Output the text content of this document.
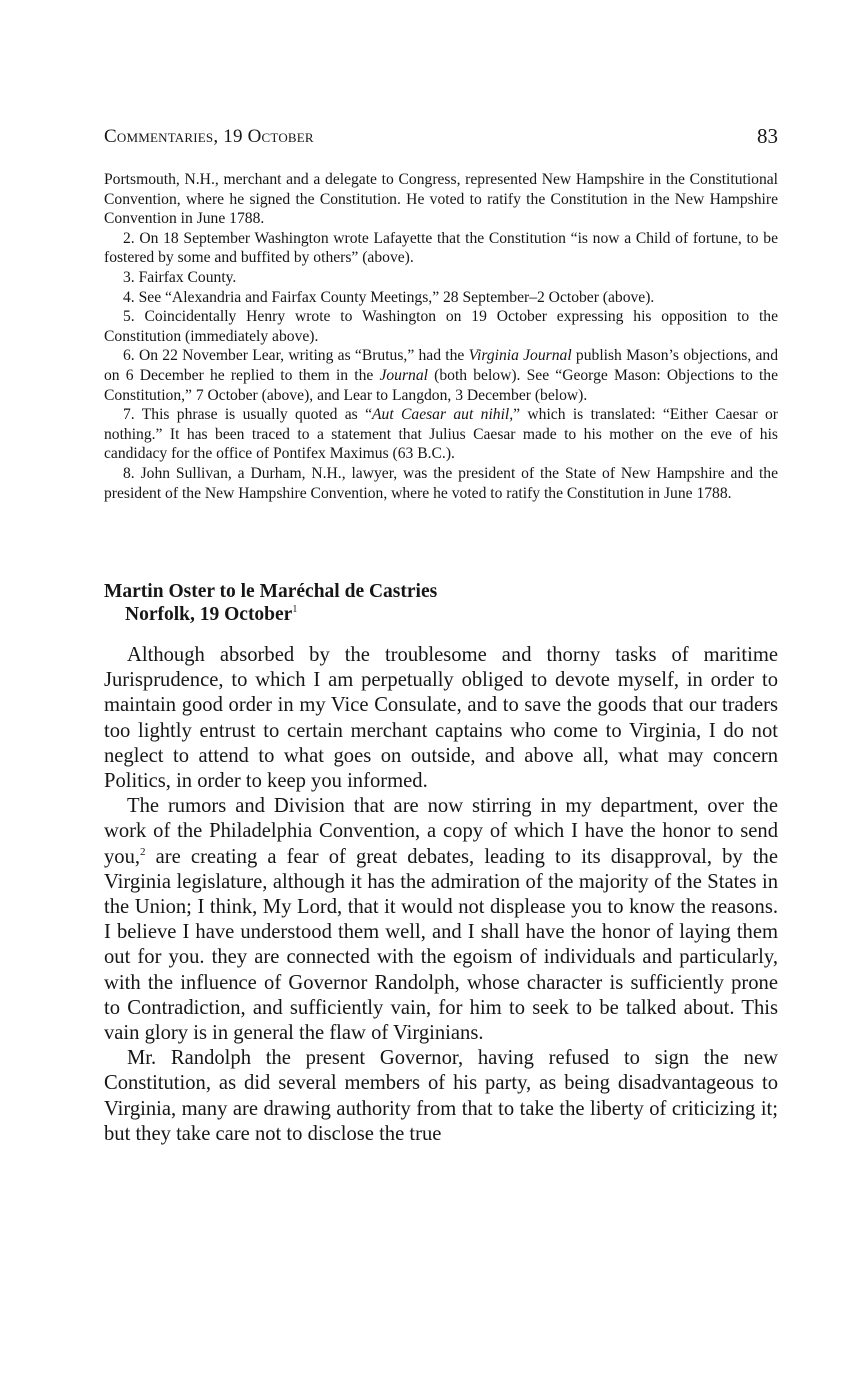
Commentaries, 19 October	83

Portsmouth, N.H., merchant and a delegate to Congress, represented New Hampshire in the Constitutional Convention, where he signed the Constitution. He voted to ratify the Constitution in the New Hampshire Convention in June 1788.

2. On 18 September Washington wrote Lafayette that the Constitution “is now a Child of fortune, to be fostered by some and buffited by others” (above).

3. Fairfax County.

4. See “Alexandria and Fairfax County Meetings,” 28 September–2 October (above).

5. Coincidentally Henry wrote to Washington on 19 October expressing his opposition to the Constitution (immediately above).

6. On 22 November Lear, writing as “Brutus,” had the Virginia Journal publish Mason’s objections, and on 6 December he replied to them in the Journal (both below). See “George Mason: Objections to the Constitution,” 7 October (above), and Lear to Langdon, 3 December (below).

7. This phrase is usually quoted as “Aut Caesar aut nihil,” which is translated: “Either Caesar or nothing.” It has been traced to a statement that Julius Caesar made to his mother on the eve of his candidacy for the office of Pontifex Maximus (63 B.C.).

8. John Sullivan, a Durham, N.H., lawyer, was the president of the State of New Hampshire and the president of the New Hampshire Convention, where he voted to ratify the Constitution in June 1788.

Martin Oster to le Maréchal de Castries
Norfolk, 19 October$^1$

Although absorbed by the troublesome and thorny tasks of maritime Jurisprudence, to which I am perpetually obliged to devote myself, in order to maintain good order in my Vice Consulate, and to save the goods that our traders too lightly entrust to certain merchant captains who come to Virginia, I do not neglect to attend to what goes on outside, and above all, what may concern Politics, in order to keep you informed.

The rumors and Division that are now stirring in my department, over the work of the Philadelphia Convention, a copy of which I have the honor to send you,$^2$ are creating a fear of great debates, leading to its disapproval, by the Virginia legislature, although it has the admiration of the majority of the States in the Union; I think, My Lord, that it would not displease you to know the reasons. I believe I have understood them well, and I shall have the honor of laying them out for you. they are connected with the egoism of individuals and particularly, with the influence of Governor Randolph, whose character is sufficiently prone to Contradiction, and sufficiently vain, for him to seek to be talked about. This vain glory is in general the flaw of Virginians.

Mr. Randolph the present Governor, having refused to sign the new Constitution, as did several members of his party, as being disadvantageous to Virginia, many are drawing authority from that to take the liberty of criticizing it; but they take care not to disclose the true
